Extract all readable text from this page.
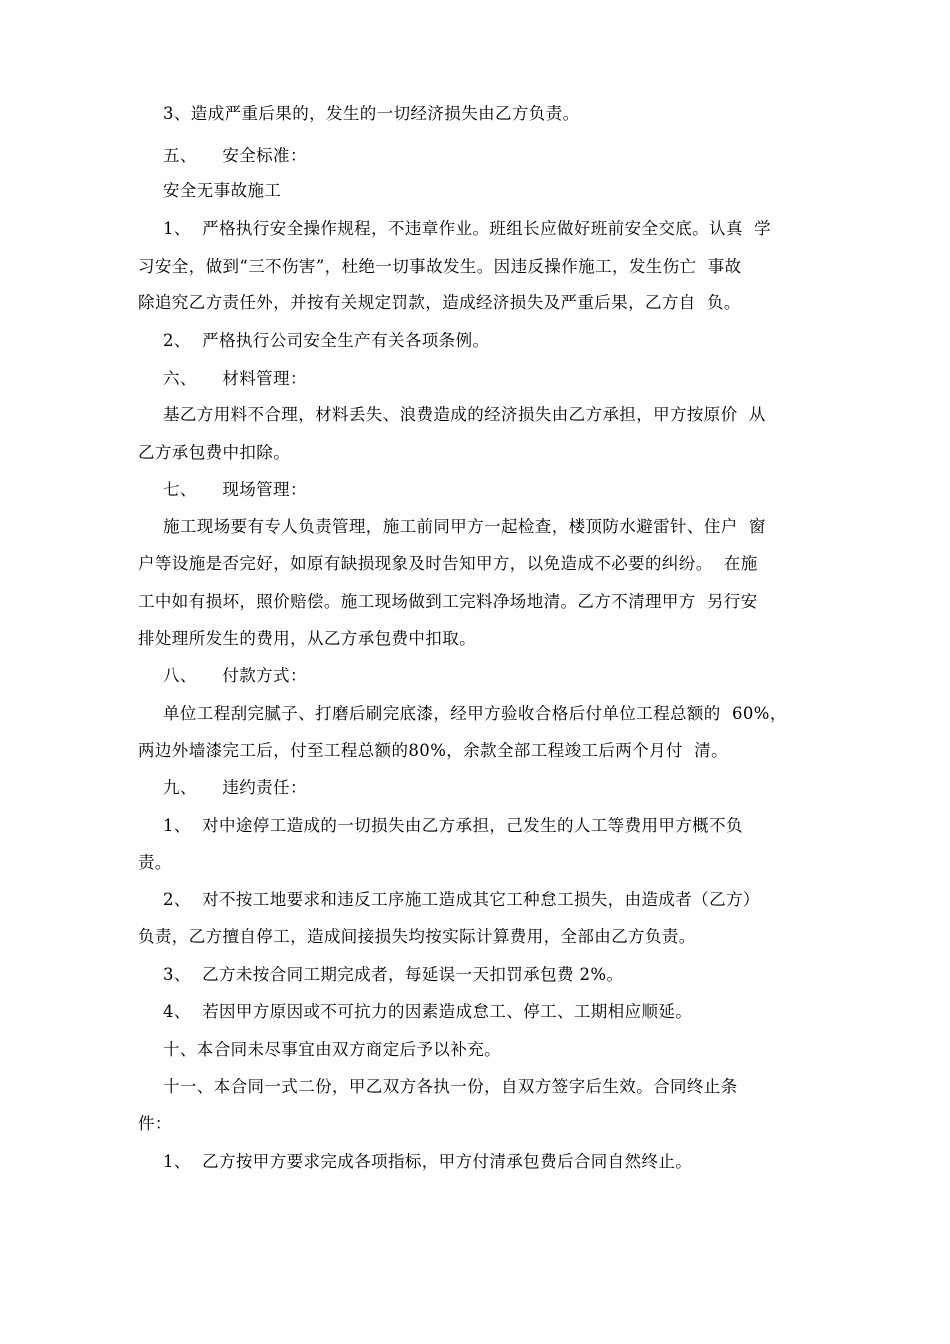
3、造成严重后果的，发生的一切经济损失由乙方负责。
五、　　安全标准：
安全无事故施工
1、  严格执行安全操作规程，不违章作业。班组长应做好班前安全交底。认真  学
习安全，做到“三不伤害”，杜绝一切事故发生。因违反操作施工，发生伤亡  事故
除追究乙方责任外，并按有关规定罚款，造成经济损失及严重后果，乙方自  负。
2、  严格执行公司安全生产有关各项条例。
六、　　材料管理：
基乙方用料不合理，材料丢失、浪费造成的经济损失由乙方承担，甲方按原价  从
乙方承包费中扣除。
七、　　现场管理：
施工现场要有专人负责管理，施工前同甲方一起检查，楼顶防水避雷针、住户  窗
户等设施是否完好，如原有缺损现象及时告知甲方，以免造成不必要的纠纷。  在施
工中如有损坏，照价赔偿。施工现场做到工完料净场地清。乙方不清理甲方  另行安
排处理所发生的费用，从乙方承包费中扣取。
八、　　付款方式：
单位工程刮完腻子、打磨后刷完底漆，经甲方验收合格后付单位工程总额的  60%，
两边外墙漆完工后，付至工程总额的80%，余款全部工程竣工后两个月付  清。
九、　　违约责任：
1、  对中途停工造成的一切损失由乙方承担，己发生的人工等费用甲方概不负
责。
2、  对不按工地要求和违反工序施工造成其它工种怠工损失，由造成者（乙方）
负责，乙方擅自停工，造成间接损失均按实际计算费用，全部由乙方负责。
3、  乙方未按合同工期完成者，每延误一天扣罚承包费 2%。
4、  若因甲方原因或不可抗力的因素造成怠工、停工、工期相应顺延。
十、本合同未尽事宜由双方商定后予以补充。
十一、本合同一式二份，甲乙双方各执一份，自双方签字后生效。合同终止条
件：
1、  乙方按甲方要求完成各项指标，甲方付清承包费后合同自然终止。
